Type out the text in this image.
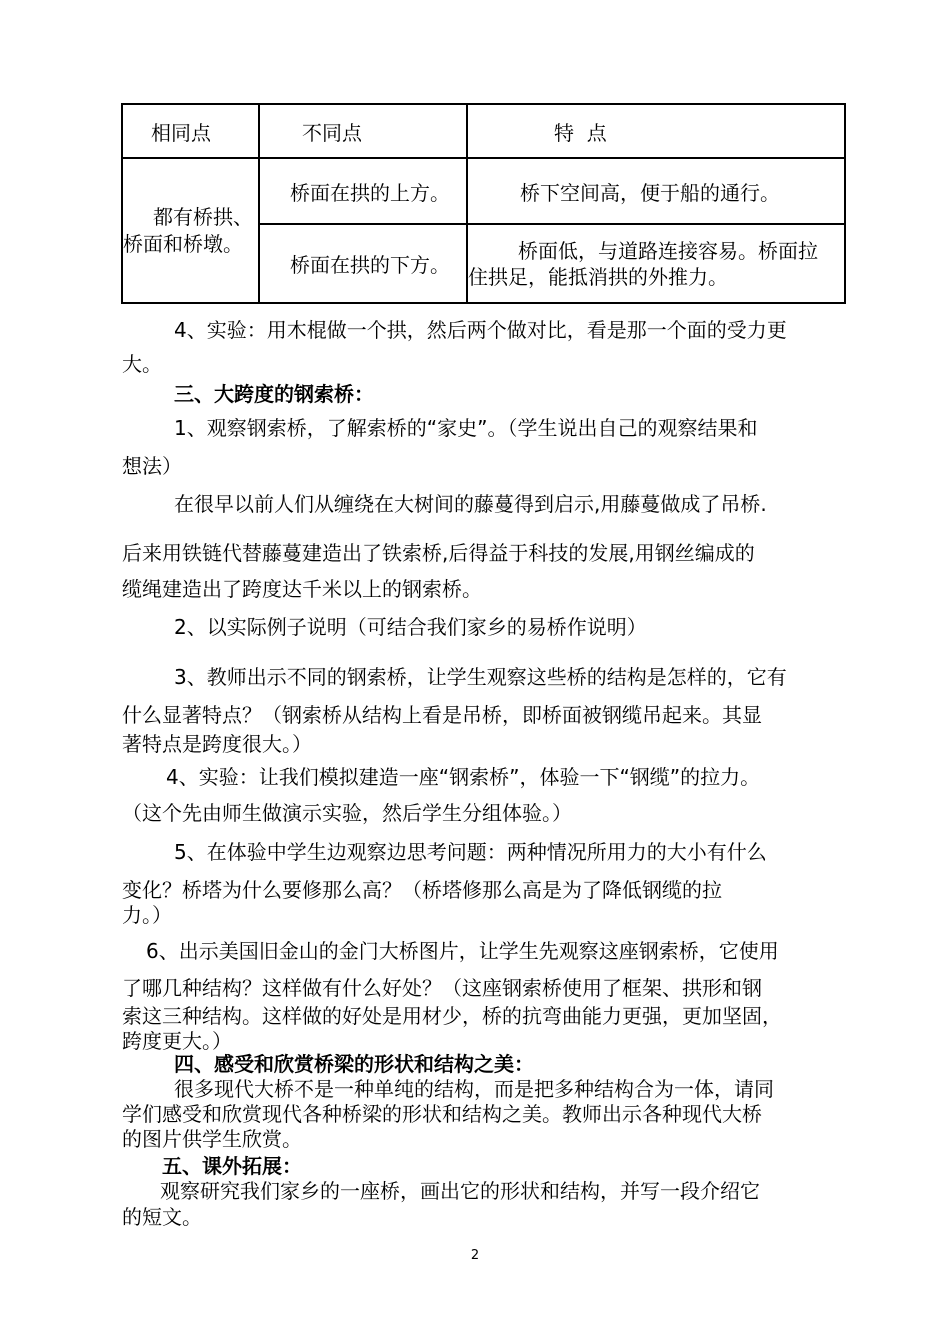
相同点	不同点	特  点

都有桥拱、
桥面和桥墩。	桥面在拱的上方。	桥下空间高，便于船的通行。
	桥面在拱的下方。	桥面低，与道路连接容易。桥面拉
住拱足，能抵消拱的外推力。
4、实验：用木棍做一个拱，然后两个做对比，看是那一个面的受力更
大。
三、大跨度的钢索桥：
1、观察钢索桥，了解索桥的“家史”。（学生说出自己的观察结果和
想法）
在很早以前人们从缠绕在大树间的藤蔓得到启示,用藤蔓做成了吊桥.
后来用铁链代替藤蔓建造出了铁索桥,后得益于科技的发展,用钢丝编成的
缆绳建造出了跨度达千米以上的钢索桥。
2、以实际例子说明（可结合我们家乡的易桥作说明）
3、教师出示不同的钢索桥，让学生观察这些桥的结构是怎样的，它有
什么显著特点？（钢索桥从结构上看是吊桥，即桥面被钢缆吊起来。其显
著特点是跨度很大。）
4、实验：让我们模拟建造一座“钢索桥”，体验一下“钢缆”的拉力。
（这个先由师生做演示实验，然后学生分组体验。）
5、在体验中学生边观察边思考问题：两种情况所用力的大小有什么
变化？桥塔为什么要修那么高？（桥塔修那么高是为了降低钢缆的拉
力。）
6、出示美国旧金山的金门大桥图片，让学生先观察这座钢索桥，它使用
了哪几种结构？这样做有什么好处？（这座钢索桥使用了框架、拱形和钢
索这三种结构。这样做的好处是用材少，桥的抗弯曲能力更强，更加坚固，
跨度更大。）
四、感受和欣赏桥梁的形状和结构之美：
很多现代大桥不是一种单纯的结构，而是把多种结构合为一体，请同
学们感受和欣赏现代各种桥梁的形状和结构之美。教师出示各种现代大桥
的图片供学生欣赏。
五、课外拓展：
观察研究我们家乡的一座桥，画出它的形状和结构，并写一段介绍它
的短文。
2
